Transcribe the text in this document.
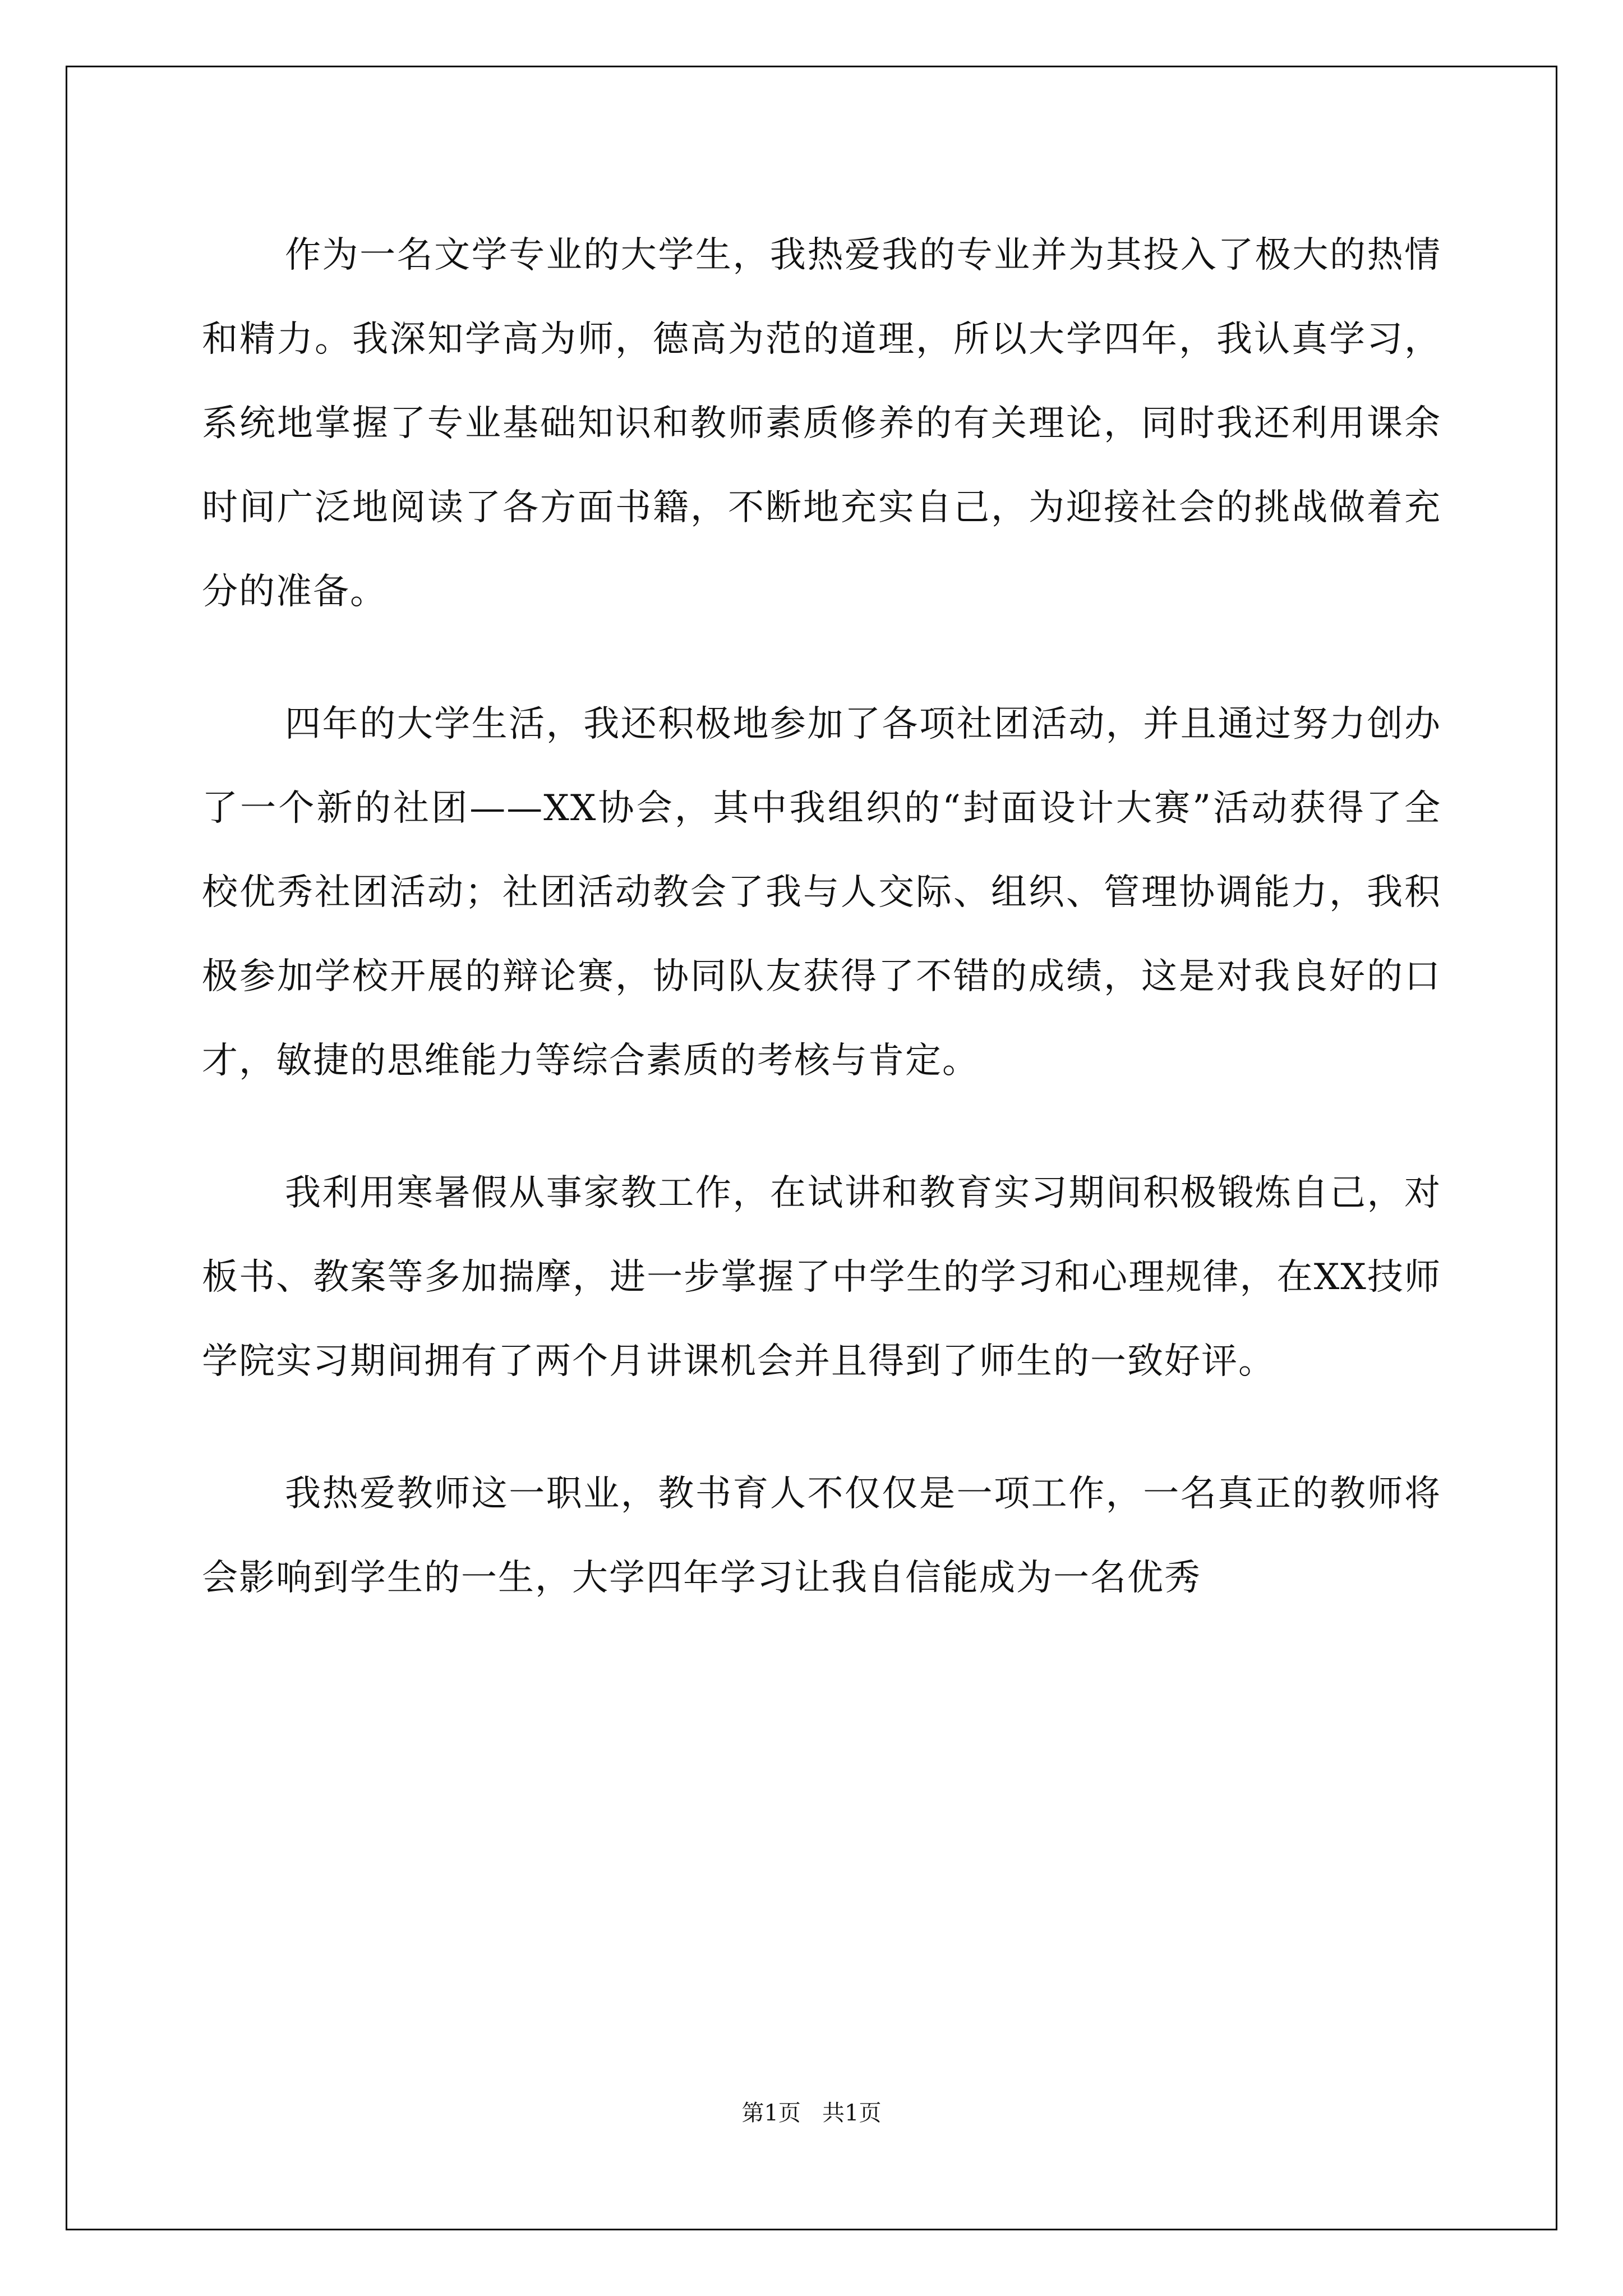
作为一名文学专业的大学生，我热爱我的专业并为其投入了极大的热情和精力。我深知学高为师，德高为范的道理，所以大学四年，我认真学习，系统地掌握了专业基础知识和教师素质修养的有关理论，同时我还利用课余时间广泛地阅读了各方面书籍，不断地充实自己，为迎接社会的挑战做着充分的准备。

四年的大学生活，我还积极地参加了各项社团活动，并且通过努力创办了一个新的社团——XX协会，其中我组织的“封面设计大赛”活动获得了全校优秀社团活动；社团活动教会了我与人交际、组织、管理协调能力，我积极参加学校开展的辩论赛，协同队友获得了不错的成绩，这是对我良好的口才，敏捷的思维能力等综合素质的考核与肯定。

我利用寒暑假从事家教工作，在试讲和教育实习期间积极锻炼自己，对板书、教案等多加揣摩，进一步掌握了中学生的学习和心理规律，在XX技师学院实习期间拥有了两个月讲课机会并且得到了师生的一致好评。

我热爱教师这一职业，教书育人不仅仅是一项工作，一名真正的教师将会影响到学生的一生，大学四年学习让我自信能成为一名优秀

第1页   共1页
